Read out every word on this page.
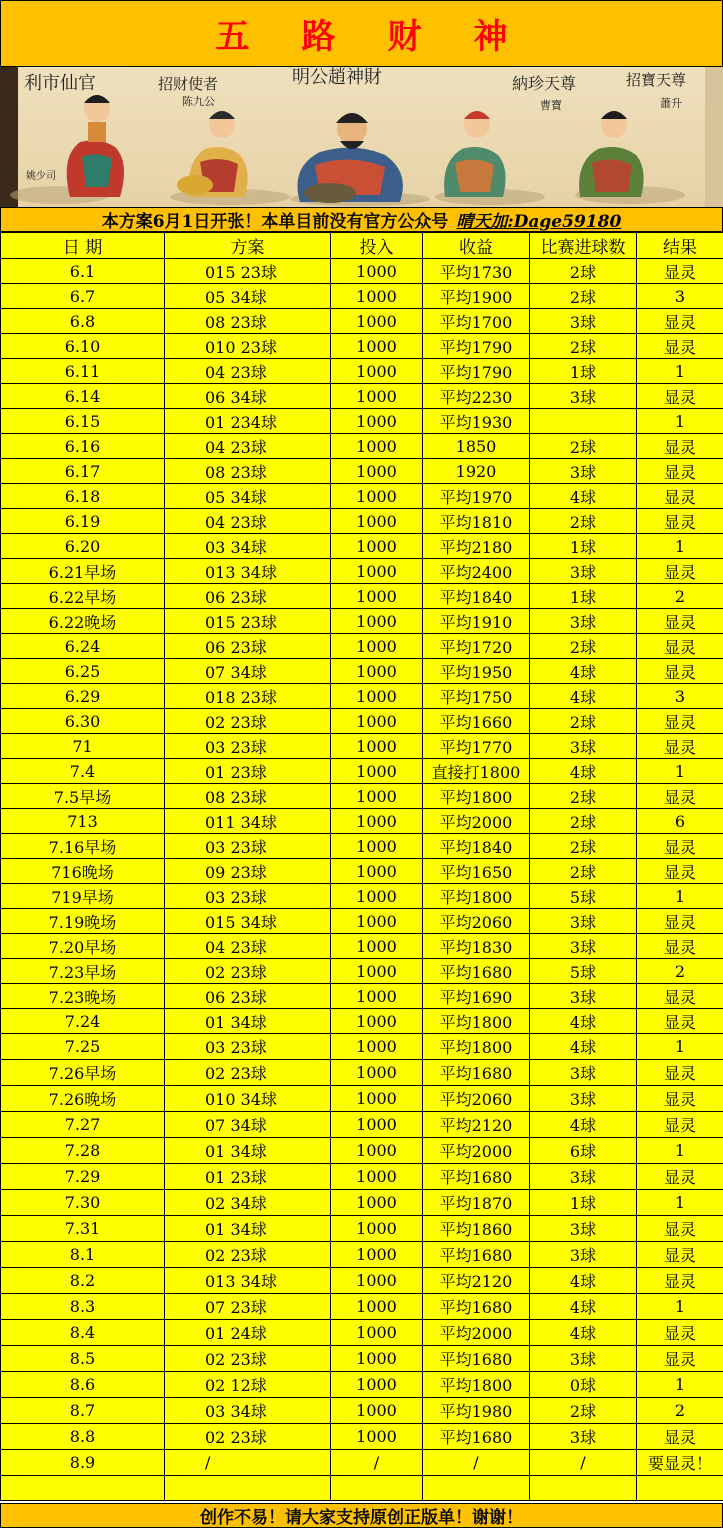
五路财神
利市仙官
姚少司
招财使者
陈九公
明公趙神財	納珍天尊
曹寶
招寶天尊
蕭升
本方案6月1日开张！本单目前没有官方公众号 晴天加:Dage59180
日 期	方案	投入	收益	比赛进球数	结果
6.1	015 23球	1000	平均1730	2球	显灵
6.7	05 34球	1000	平均1900	2球	3
6.8	08 23球	1000	平均1700	3球	显灵
6.10	010 23球	1000	平均1790	2球	显灵
6.11	04 23球	1000	平均1790	1球	1
6.14	06 34球	1000	平均2230	3球	显灵
6.15	01 234球	1000	平均1930		1
6.16	04 23球	1000	1850	2球	显灵
6.17	08 23球	1000	1920	3球	显灵
6.18	05 34球	1000	平均1970	4球	显灵
6.19	04 23球	1000	平均1810	2球	显灵
6.20	03 34球	1000	平均2180	1球	1
6.21早场	013 34球	1000	平均2400	3球	显灵
6.22早场	06 23球	1000	平均1840	1球	2
6.22晚场	015 23球	1000	平均1910	3球	显灵
6.24	06 23球	1000	平均1720	2球	显灵
6.25	07 34球	1000	平均1950	4球	显灵
6.29	018 23球	1000	平均1750	4球	3
6.30	02 23球	1000	平均1660	2球	显灵
71	03 23球	1000	平均1770	3球	显灵
7.4	01 23球	1000	直接打1800	4球	1
7.5早场	08 23球	1000	平均1800	2球	显灵
713	011 34球	1000	平均2000	2球	6
7.16早场	03 23球	1000	平均1840	2球	显灵
716晚场	09 23球	1000	平均1650	2球	显灵
719早场	03 23球	1000	平均1800	5球	1
7.19晚场	015 34球	1000	平均2060	3球	显灵
7.20早场	04 23球	1000	平均1830	3球	显灵
7.23早场	02 23球	1000	平均1680	5球	2
7.23晚场	06 23球	1000	平均1690	3球	显灵
7.24	01 34球	1000	平均1800	4球	显灵
7.25	03 23球	1000	平均1800	4球	1
7.26早场	02 23球	1000	平均1680	3球	显灵
7.26晚场	010 34球	1000	平均2060	3球	显灵
7.27	07 34球	1000	平均2120	4球	显灵
7.28	01 34球	1000	平均2000	6球	1
7.29	01 23球	1000	平均1680	3球	显灵
7.30	02 34球	1000	平均1870	1球	1
7.31	01 34球	1000	平均1860	3球	显灵
8.1	02 23球	1000	平均1680	3球	显灵
8.2	013 34球	1000	平均2120	4球	显灵
8.3	07 23球	1000	平均1680	4球	1
8.4	01 24球	1000	平均2000	4球	显灵
8.5	02 23球	1000	平均1680	3球	显灵
8.6	02 12球	1000	平均1800	0球	1
8.7	03 34球	1000	平均1980	2球	2
8.8	02 23球	1000	平均1680	3球	显灵
8.9	/	/	/	/	要显灵！

创作不易！请大家支持原创正版单！谢谢！
